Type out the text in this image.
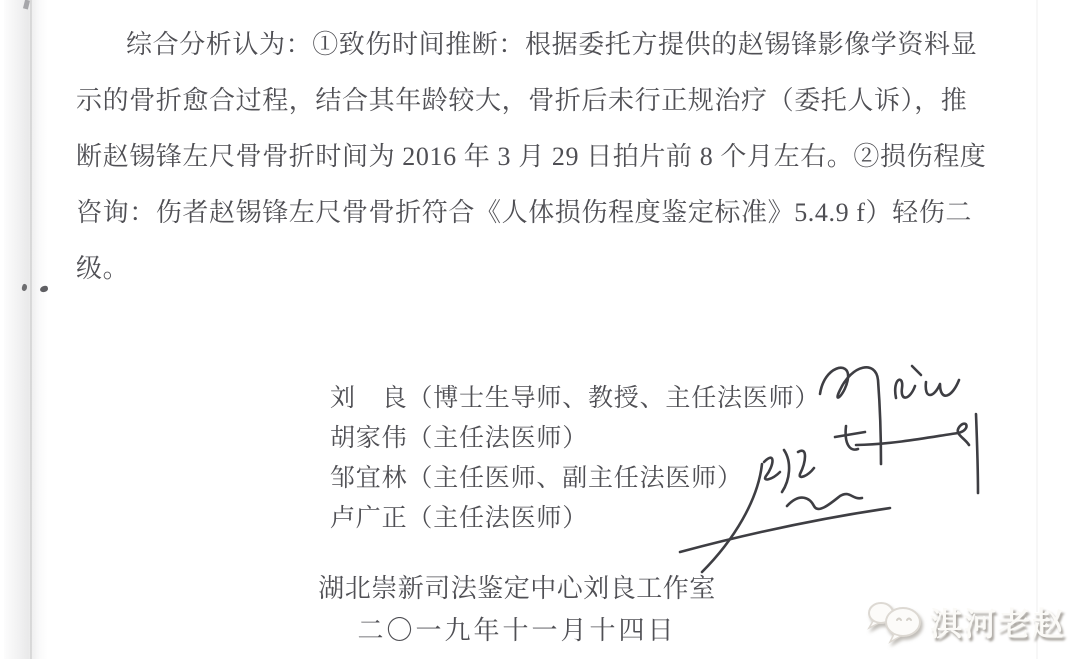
综合分析认为：①致伤时间推断：根据委托方提供的赵锡锋影像学资料显
示的骨折愈合过程，结合其年龄较大，骨折后未行正规治疗（委托人诉），推
断赵锡锋左尺骨骨折时间为 2016 年 3 月 29 日拍片前 8 个月左右。②损伤程度
咨询：伤者赵锡锋左尺骨骨折符合《人体损伤程度鉴定标准》5.4.9 f）轻伤二
级。
刘　良（博士生导师、教授、主任法医师）
胡家伟（主任法医师）
邹宜林（主任医师、副主任法医师）
卢广正（主任法医师）
湖北崇新司法鉴定中心刘良工作室
二〇一九年十一月十四日	淇河老赵
